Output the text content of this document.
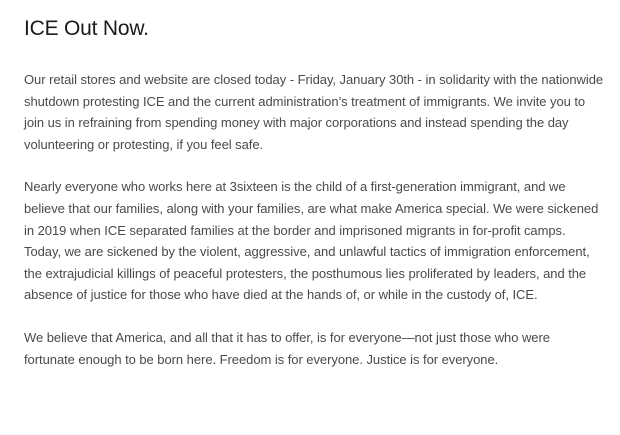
ICE Out Now.

Our retail stores and website are closed today - Friday, January 30th - in solidarity with the nationwide shutdown protesting ICE and the current administration’s treatment of immigrants. We invite you to join us in refraining from spending money with major corporations and instead spending the day volunteering or protesting, if you feel safe.

Nearly everyone who works here at 3sixteen is the child of a first-generation immigrant, and we believe that our families, along with your families, are what make America special. We were sickened in 2019 when ICE separated families at the border and imprisoned migrants in for-profit camps. Today, we are sickened by the violent, aggressive, and unlawful tactics of immigration enforcement, the extrajudicial killings of peaceful protesters, the posthumous lies proliferated by leaders, and the absence of justice for those who have died at the hands of, or while in the custody of, ICE.

We believe that America, and all that it has to offer, is for everyone—not just those who were fortunate enough to be born here. Freedom is for everyone. Justice is for everyone.
